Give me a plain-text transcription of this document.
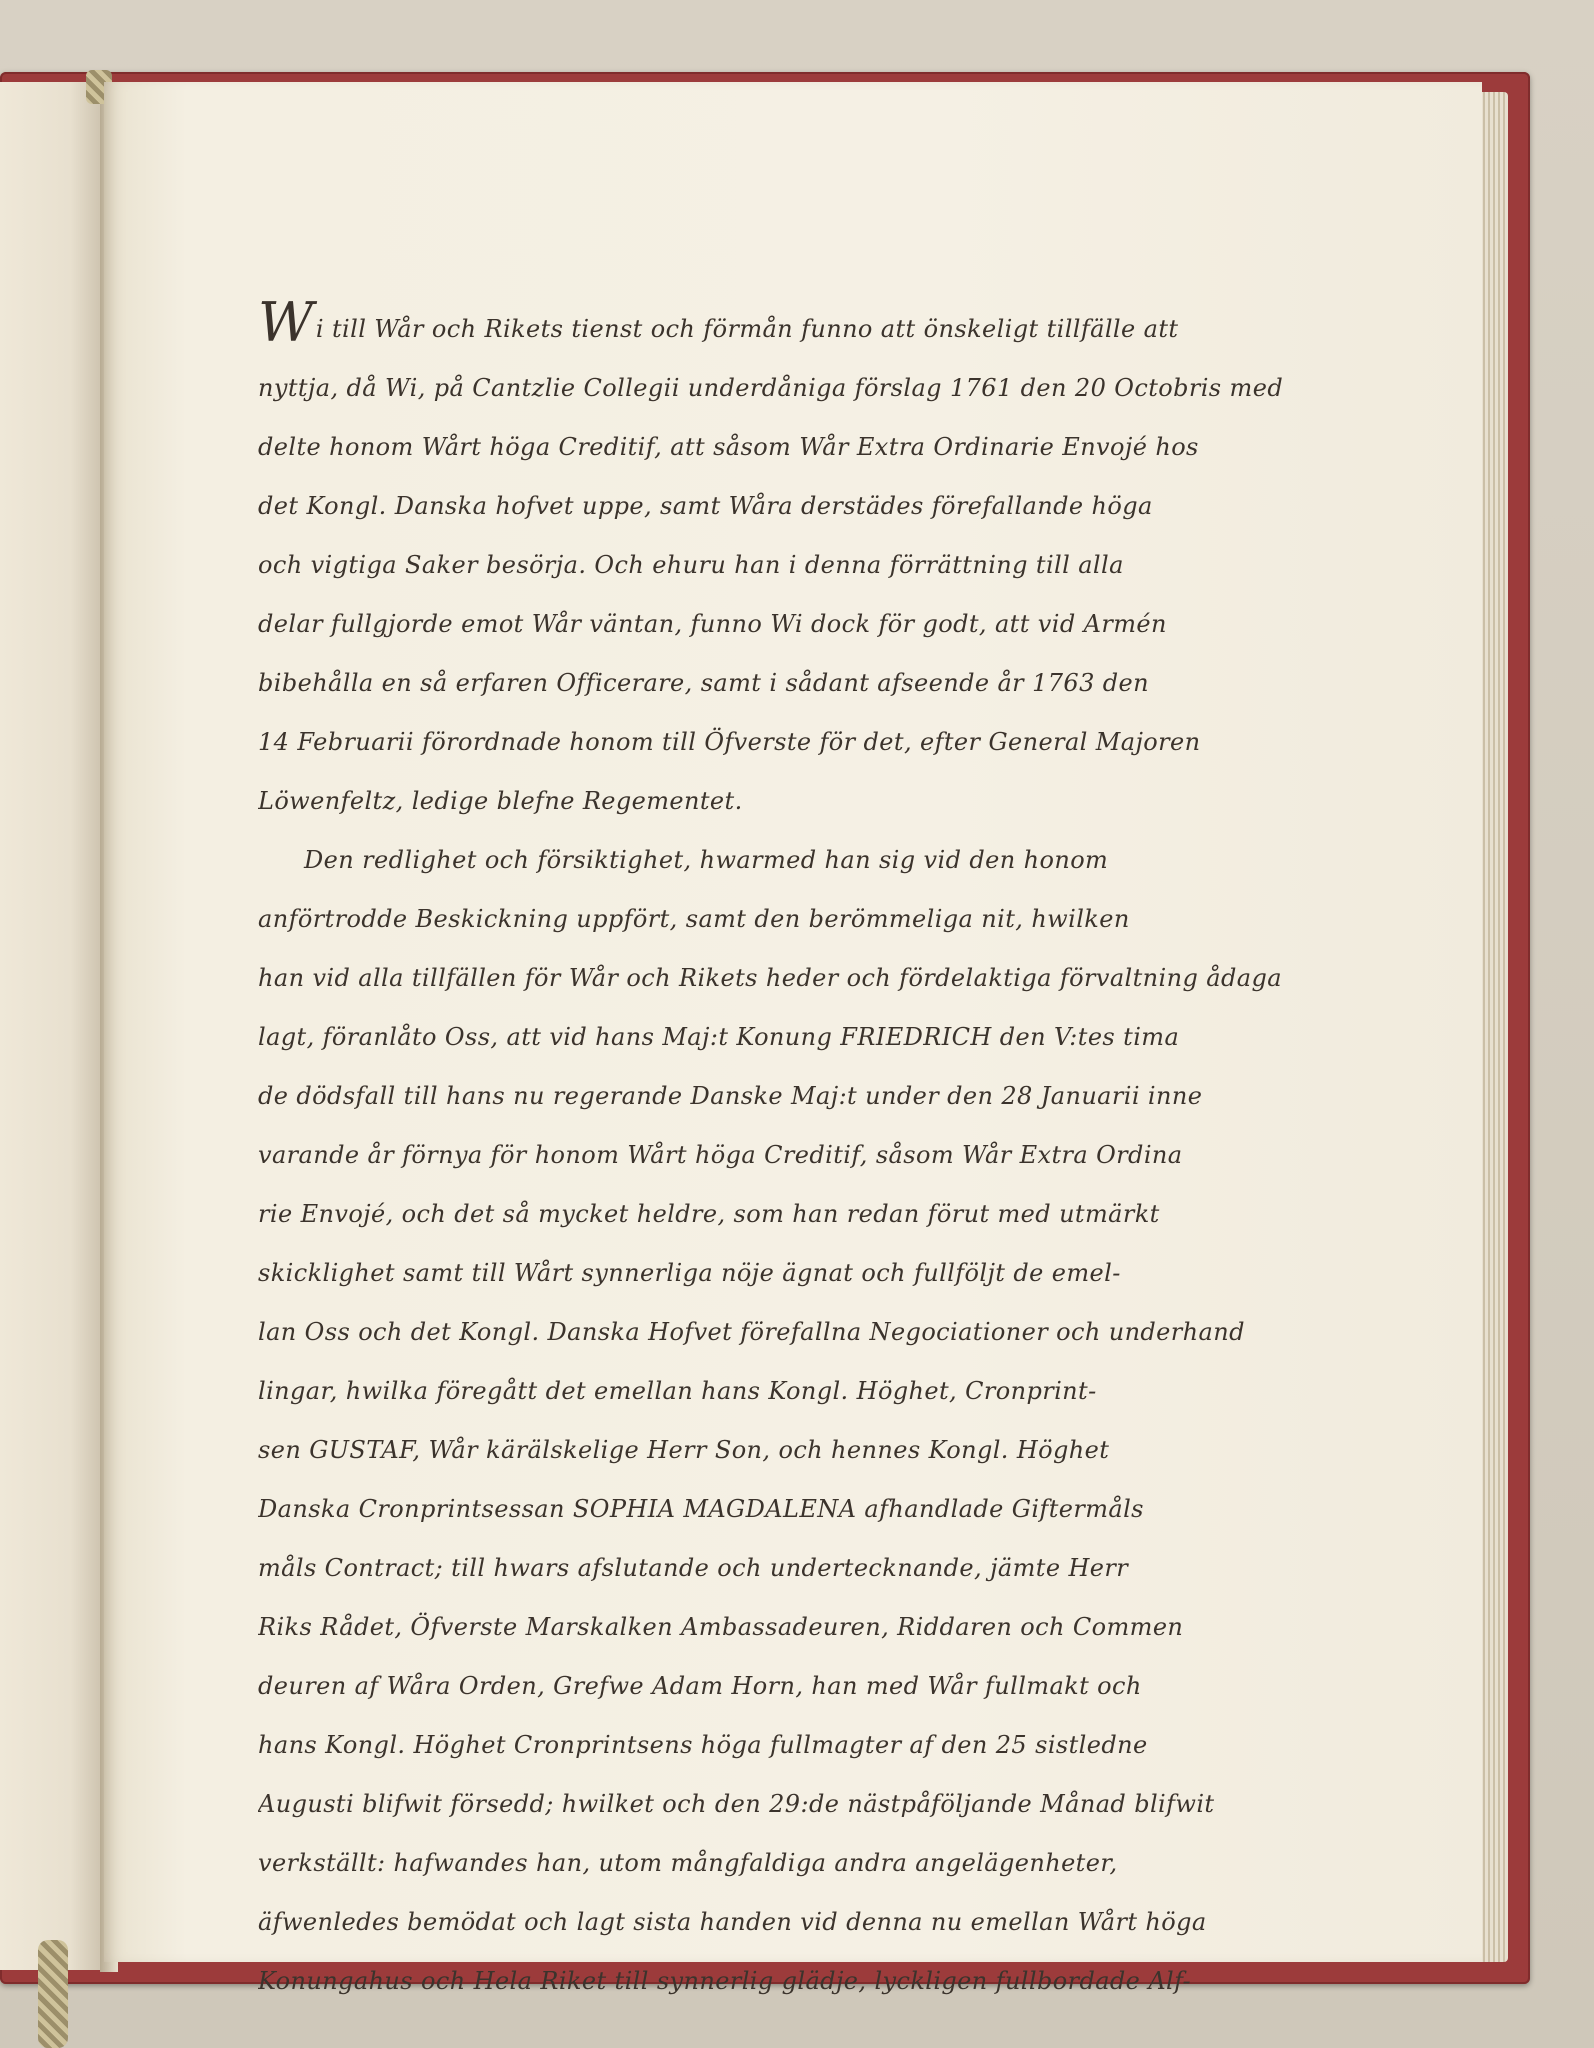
Wi till Wår och Rikets tienst och förmån funno att önskeligt tillfälle att
nyttja, då Wi, på Cantzlie Collegii underdåniga förslag 1761 den 20 Octobris med
delte honom Wårt höga Creditif, att såsom Wår Extra Ordinarie Envojé hos
det Kongl. Danska hofvet uppe, samt Wåra derstädes förefallande höga
och vigtiga Saker besörja. Och ehuru han i denna förrättning till alla
delar fullgjorde emot Wår väntan, funno Wi dock för godt, att vid Armén
bibehålla en så erfaren Officerare, samt i sådant afseende år 1763 den
14 Februarii förordnade honom till Öfverste för det, efter General Majoren
Löwenfeltz, ledige blefne Regementet.
Den redlighet och försiktighet, hwarmed han sig vid den honom
anförtrodde Beskickning uppfört, samt den berömmeliga nit, hwilken
han vid alla tillfällen för Wår och Rikets heder och fördelaktiga förvaltning ådaga
lagt, föranlåto Oss, att vid hans Maj:t Konung FRIEDRICH den V:tes tima
de dödsfall till hans nu regerande Danske Maj:t under den 28 Januarii inne
varande år förnya för honom Wårt höga Creditif, såsom Wår Extra Ordina
rie Envojé, och det så mycket heldre, som han redan förut med utmärkt
skicklighet samt till Wårt synnerliga nöje ägnat och fullföljt de emel-
lan Oss och det Kongl. Danska Hofvet förefallna Negociationer och underhand
lingar, hwilka föregått det emellan hans Kongl. Höghet, Cronprint-
sen GUSTAF, Wår kärälskelige Herr Son, och hennes Kongl. Höghet
Danska Cronprintsessan SOPHIA MAGDALENA afhandlade Giftermåls
måls Contract; till hwars afslutande och undertecknande, jämte Herr
Riks Rådet, Öfverste Marskalken Ambassadeuren, Riddaren och Commen
deuren af Wåra Orden, Grefwe Adam Horn, han med Wår fullmakt och
hans Kongl. Höghet Cronprintsens höga fullmagter af den 25 sistledne
Augusti blifwit försedd; hwilket och den 29:de nästpåföljande Månad blifwit
verkställt: hafwandes han, utom mångfaldiga andra angelägenheter,
äfwenledes bemödat och lagt sista handen vid denna nu emellan Wårt höga
Konungahus och Hela Riket till synnerlig glädje, lyckligen fullbordade Alf-
